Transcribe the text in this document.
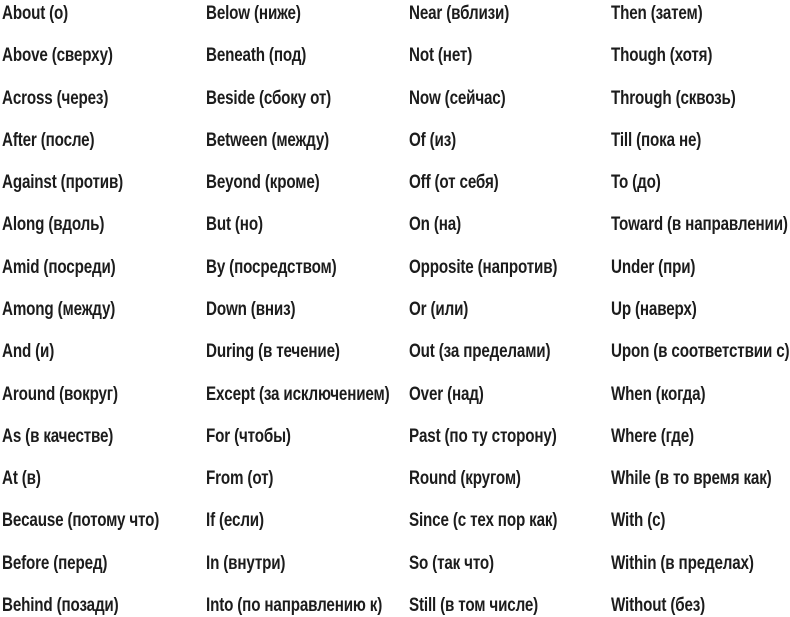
About (о)
Above (сверху)
Across (через)
After (после)
Against (против)
Along (вдоль)
Amid (посреди)
Among (между)
And (и)
Around (вокруг)
As (в качестве)
At (в)
Because (потому что)
Before (перед)
Behind (позади)
Below (ниже)
Beneath (под)
Beside (сбоку от)
Between (между)
Beyond (кроме)
But (но)
By (посредством)
Down (вниз)
During (в течение)
Except (за исключением)
For (чтобы)
From (от)
If (если)
In (внутри)
Into (по направлению к)
Near (вблизи)
Not (нет)
Now (сейчас)
Of (из)
Off (от себя)
On (на)
Opposite (напротив)
Or (или)
Out (за пределами)
Over (над)
Past (по ту сторону)
Round (кругом)
Since (с тех пор как)
So (так что)
Still (в том числе)
Then (затем)
Though (хотя)
Through (сквозь)
Till (пока не)
To (до)
Toward (в направлении)
Under (при)
Up (наверх)
Upon (в соответствии с)
When (когда)
Where (где)
While (в то время как)
With (с)
Within (в пределах)
Without (без)
